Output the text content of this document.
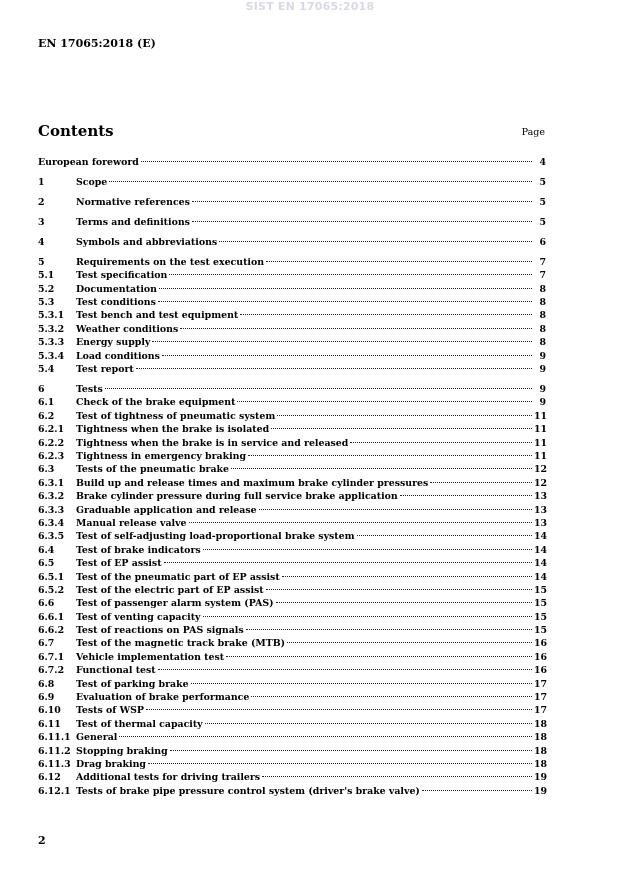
SIST EN 17065:2018
EN 17065:2018 (E)
Contents	Page
European foreword	4
1	Scope	5
2	Normative references	5
3	Terms and definitions	5
4	Symbols and abbreviations	6
5	Requirements on the test execution	7
5.1	Test specification	7
5.2	Documentation	8
5.3	Test conditions	8
5.3.1	Test bench and test equipment	8
5.3.2	Weather conditions	8
5.3.3	Energy supply	8
5.3.4	Load conditions	9
5.4	Test report	9
6	Tests	9
6.1	Check of the brake equipment	9
6.2	Test of tightness of pneumatic system	11
6.2.1	Tightness when the brake is isolated	11
6.2.2	Tightness when the brake is in service and released	11
6.2.3	Tightness in emergency braking	11
6.3	Tests of the pneumatic brake	12
6.3.1	Build up and release times and maximum brake cylinder pressures	12
6.3.2	Brake cylinder pressure during full service brake application	13
6.3.3	Graduable application and release	13
6.3.4	Manual release valve	13
6.3.5	Test of self-adjusting load-proportional brake system	14
6.4	Test of brake indicators	14
6.5	Test of EP assist	14
6.5.1	Test of the pneumatic part of EP assist	14
6.5.2	Test of the electric part of EP assist	15
6.6	Test of passenger alarm system (PAS)	15
6.6.1	Test of venting capacity	15
6.6.2	Test of reactions on PAS signals	15
6.7	Test of the magnetic track brake (MTB)	16
6.7.1	Vehicle implementation test	16
6.7.2	Functional test	16
6.8	Test of parking brake	17
6.9	Evaluation of brake performance	17
6.10	Tests of WSP	17
6.11	Test of thermal capacity	18
6.11.1 General	18
6.11.2 Stopping braking	18
6.11.3 Drag braking	18
6.12	Additional tests for driving trailers	19
6.12.1 Tests of brake pipe pressure control system (driver's brake valve)	19
2
